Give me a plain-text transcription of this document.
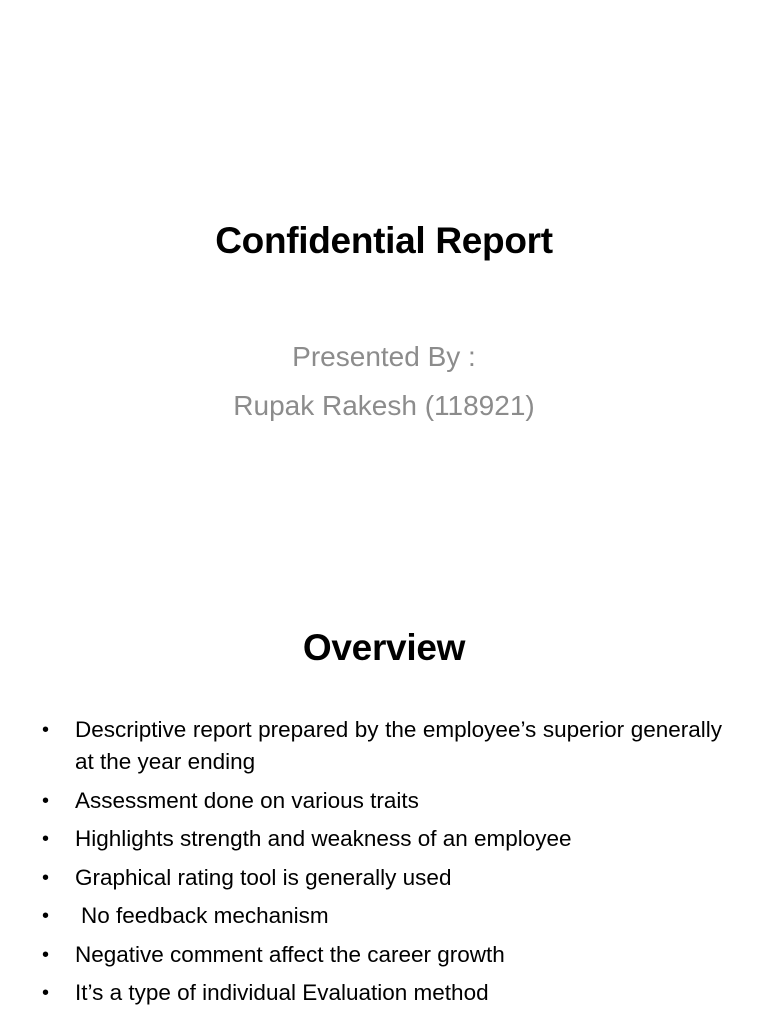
Confidential Report
Presented By :
Rupak Rakesh (118921)
Overview
• Descriptive report prepared by the employee’s superior generally at the year ending
• Assessment done on various traits
• Highlights strength and weakness of an employee
• Graphical rating tool is generally used
• No feedback mechanism
• Negative comment affect the career growth
• It’s a type of individual Evaluation method
